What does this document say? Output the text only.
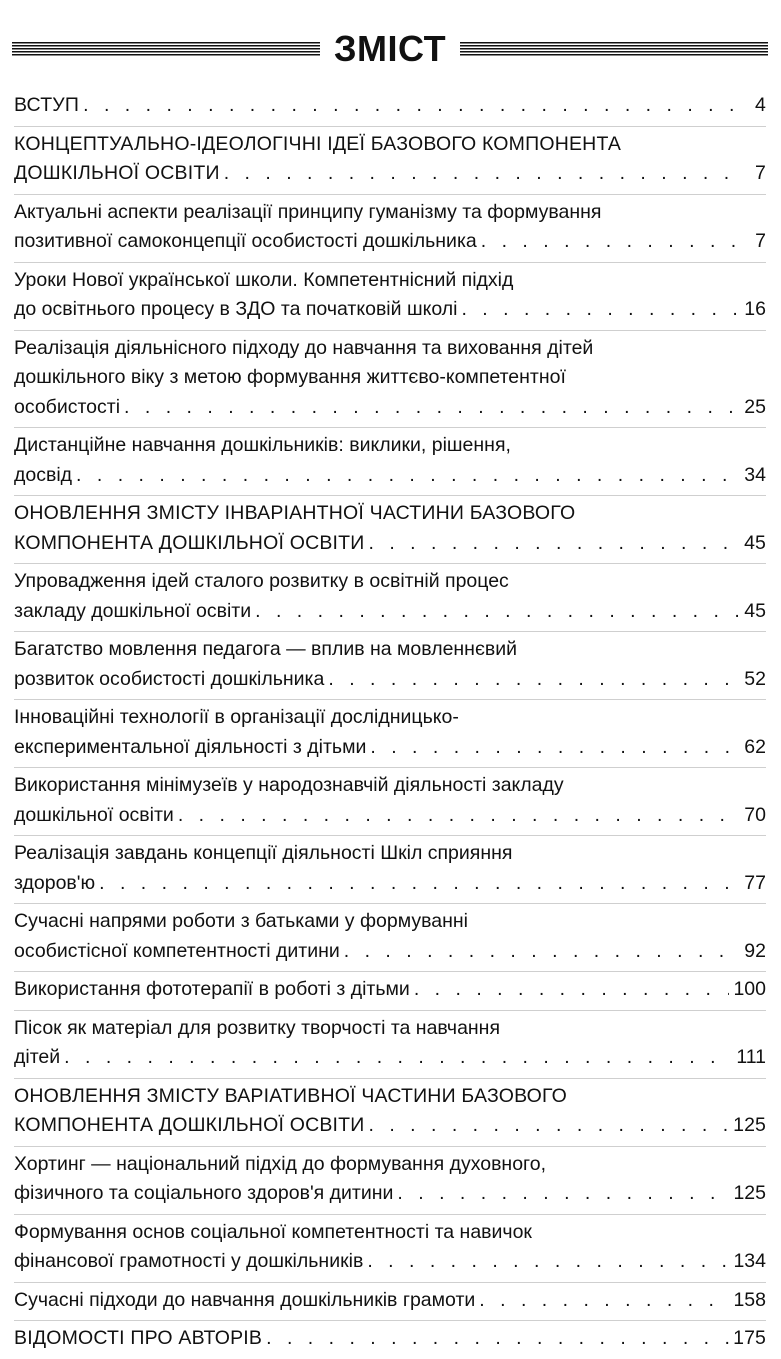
ЗМІСТ
ВСТУП . . .	4
КОНЦЕПТУАЛЬНО-ІДЕОЛОГІЧНІ ІДЕЇ БАЗОВОГО КОМПОНЕНТА
ДОШКІЛЬНОЇ ОСВІТИ . . .	7
Актуальні аспекти реалізації принципу гуманізму та формування
позитивної самоконцепції особистості дошкільника . . .	7
Уроки Нової української школи. Компетентнісний підхід
до освітнього процесу в ЗДО та початковій школі . . .	16
Реалізація діяльнісного підходу до навчання та виховання дітей
дошкільного віку з метою формування життєво-компетентної
особистості . . .	25
Дистанційне навчання дошкільників: виклики, рішення,
досвід . . .	34
ОНОВЛЕННЯ ЗМІСТУ ІНВАРІАНТНОЇ ЧАСТИНИ БАЗОВОГО
КОМПОНЕНТА ДОШКІЛЬНОЇ ОСВІТИ . . .	45
Упровадження ідей сталого розвитку в освітній процес
закладу дошкільної освіти . . .	45
Багатство мовлення педагога — вплив на мовленнєвий
розвиток особистості дошкільника . . .	52
Інноваційні технології в організації дослідницько-
експериментальної діяльності з дітьми . . .	62
Використання мінімузеїв у народознавчій діяльності закладу
дошкільної освіти . . .	70
Реалізація завдань концепції діяльності Шкіл сприяння
здоров'ю . . .	77
Сучасні напрями роботи з батьками у формуванні
особистісної компетентності дитини . . .	92
Використання фототерапії в роботі з дітьми . . .	100
Пісок як матеріал для розвитку творчості та навчання
дітей . . .	111
ОНОВЛЕННЯ ЗМІСТУ ВАРІАТИВНОЇ ЧАСТИНИ БАЗОВОГО
КОМПОНЕНТА ДОШКІЛЬНОЇ ОСВІТИ . . .	125
Хортинг — національний підхід до формування духовного,
фізичного та соціального здоров'я дитини . . .	125
Формування основ соціальної компетентності та навичок
фінансової грамотності у дошкільників . . .	134
Сучасні підходи до навчання дошкільників грамоти . . .	158
ВІДОМОСТІ ПРО АВТОРІВ . . .	175
